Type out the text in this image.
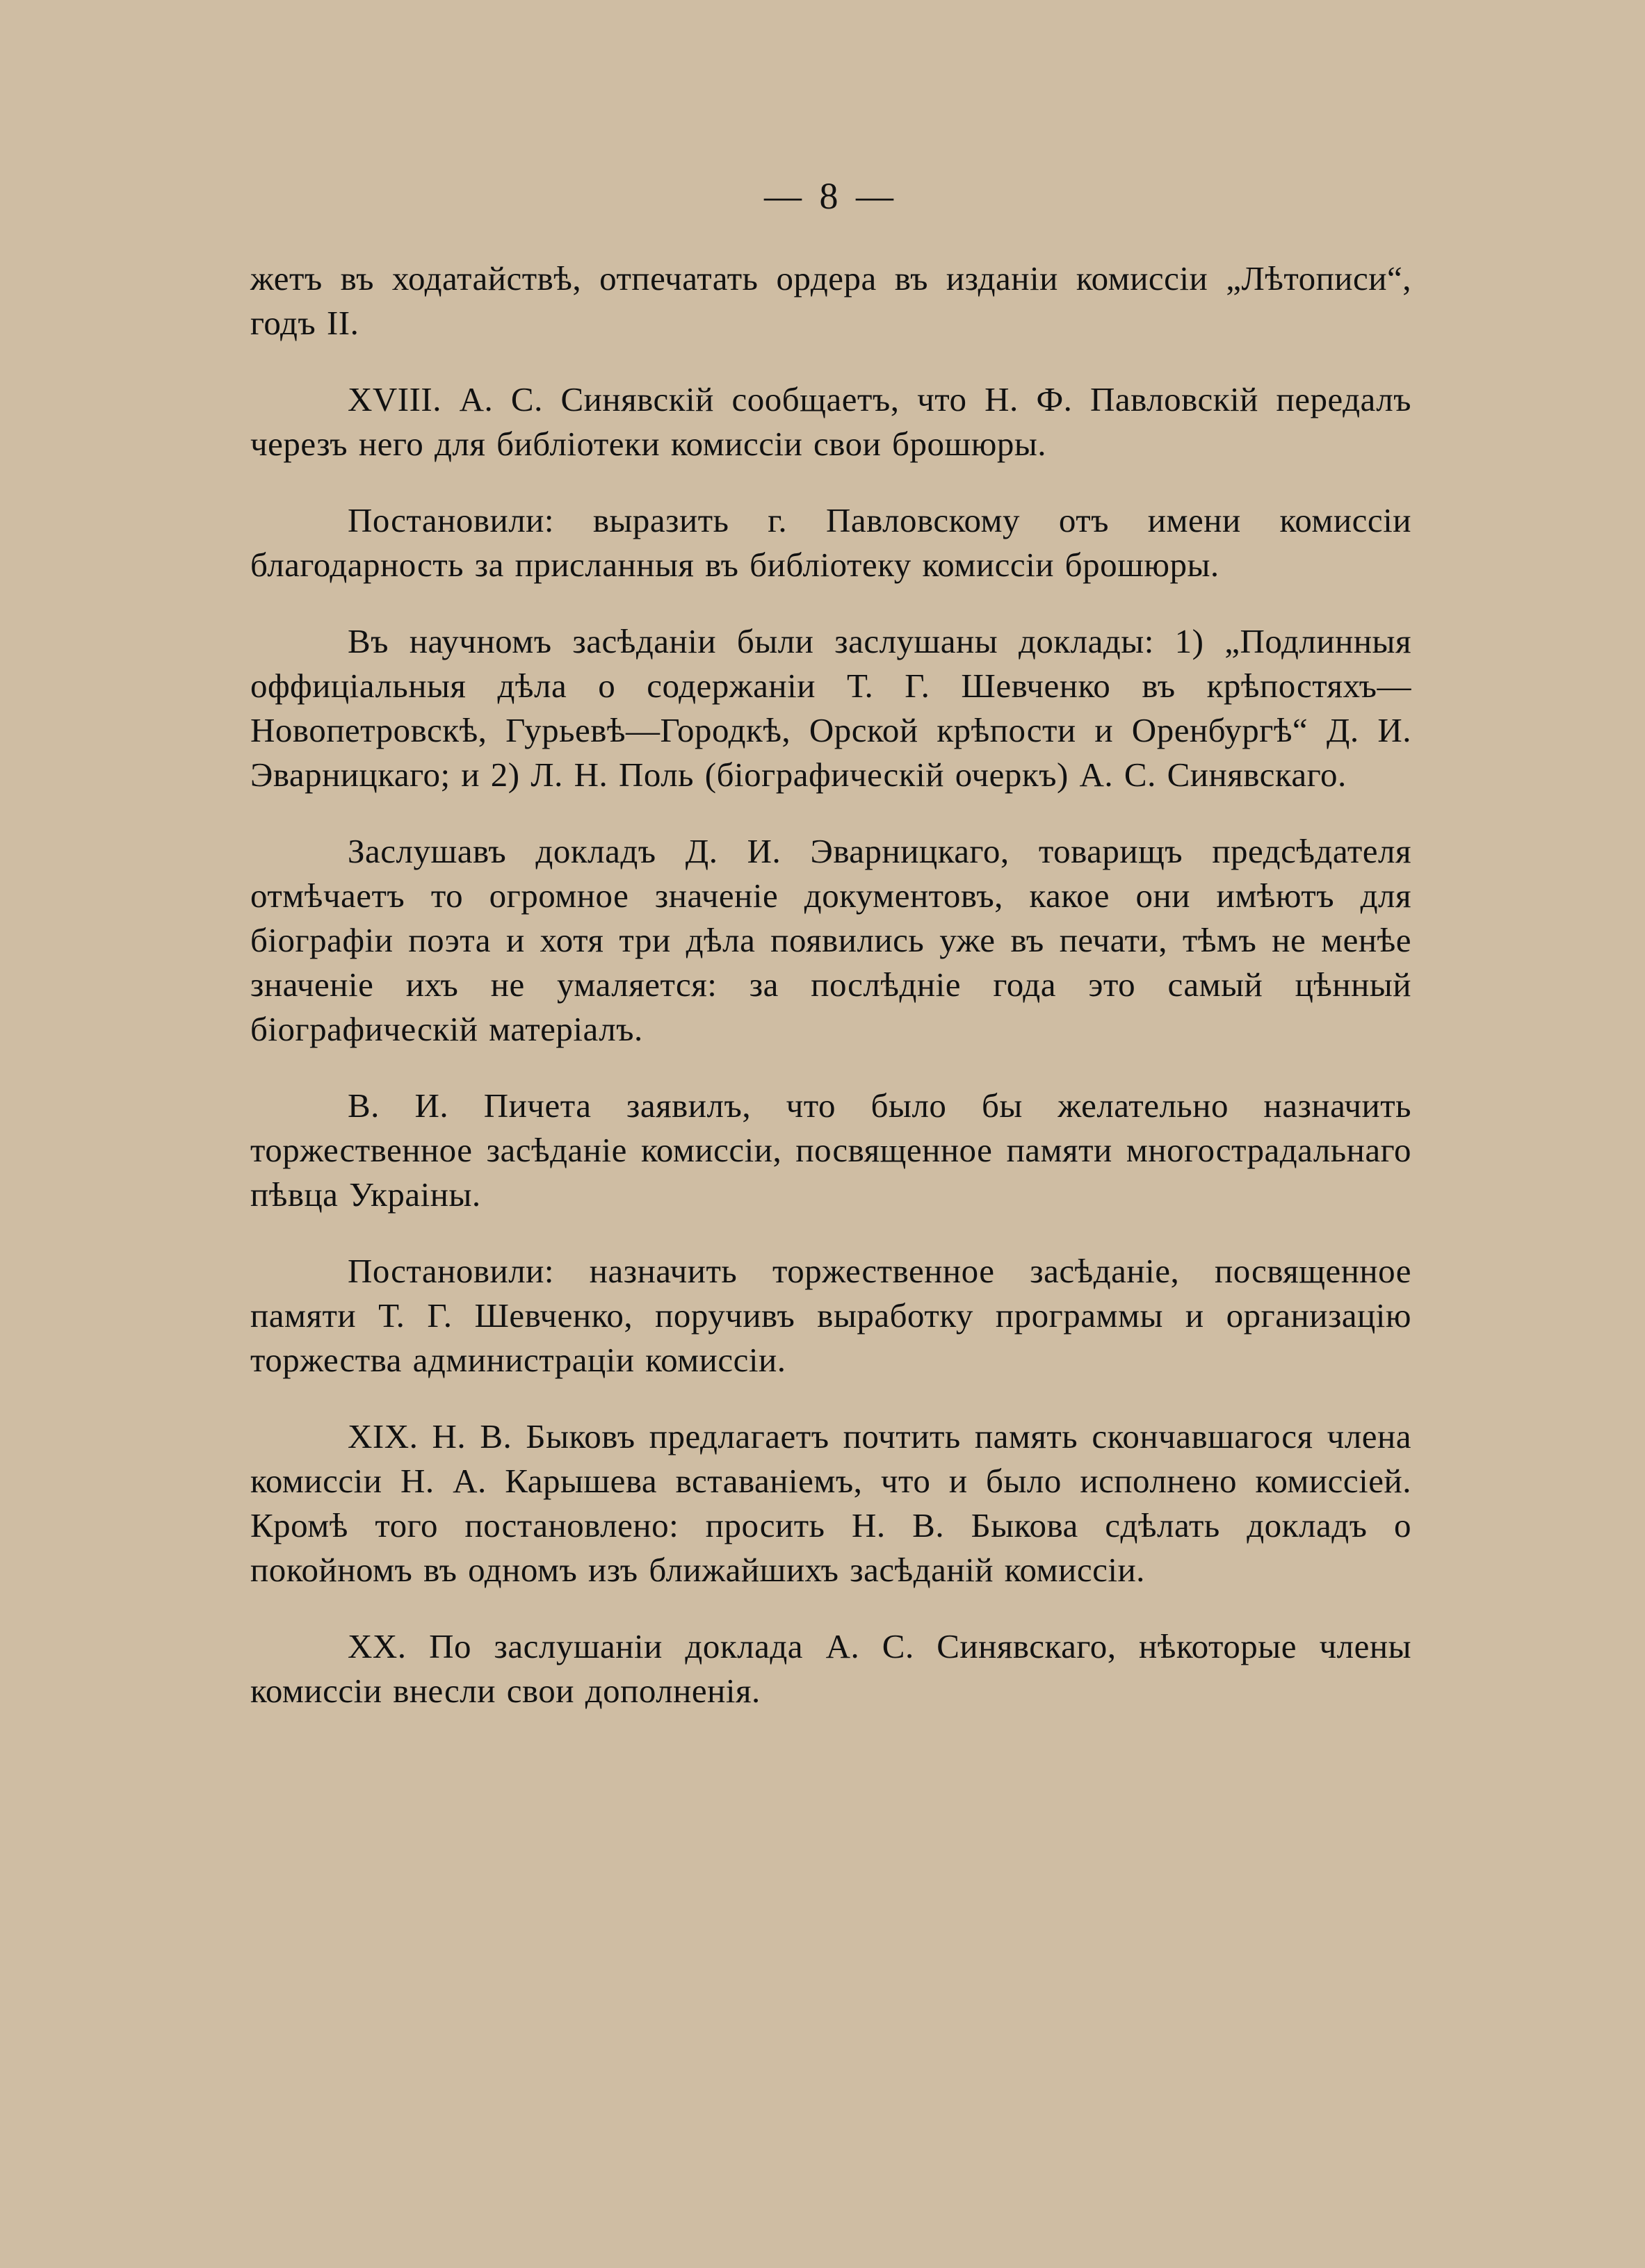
— 8 —

жетъ въ ходатайствѣ, отпечатать ордера въ изданіи комиссіи „Лѣтописи“, годъ II.

XVIII. А. С. Синявскій сообщаетъ, что Н. Ф. Павловскій передалъ черезъ него для библіотеки комиссіи свои брошюры.

Постановили: выразить г. Павловскому отъ имени комиссіи благодарность за присланныя въ библіотеку комиссіи брошюры.

Въ научномъ засѣданіи были заслушаны доклады: 1) „Подлинныя оффиціальныя дѣла о содержаніи Т. Г. Шевченко въ крѣпостяхъ—Новопетровскѣ, Гурьевѣ—Городкѣ, Орской крѣпости и Оренбургѣ“ Д. И. Эварницкаго; и 2) Л. Н. Поль (біографическій очеркъ) А. С. Синявскаго.

Заслушавъ докладъ Д. И. Эварницкаго, товарищъ предсѣдателя отмѣчаетъ то огромное значеніе документовъ, какое они имѣютъ для біографіи поэта и хотя три дѣла появились уже въ печати, тѣмъ не менѣе значеніе ихъ не умаляется: за послѣдніе года это самый цѣнный біографическій матеріалъ.

В. И. Пичета заявилъ, что было бы желательно назначить торжественное засѣданіе комиссіи, посвященное памяти многострадальнаго пѣвца Украіны.

Постановили: назначить торжественное засѣданіе, посвященное памяти Т. Г. Шевченко, поручивъ выработку программы и организацію торжества администраціи комиссіи.

XIX. Н. В. Быковъ предлагаетъ почтить память скончавшагося члена комиссіи Н. А. Карышева вставаніемъ, что и было исполнено комиссіей. Кромѣ того постановлено: просить Н. В. Быкова сдѣлать докладъ о покойномъ въ одномъ изъ ближайшихъ засѣданій комиссіи.

XX. По заслушаніи доклада А. С. Синявскаго, нѣкоторые члены комиссіи внесли свои дополненія.
